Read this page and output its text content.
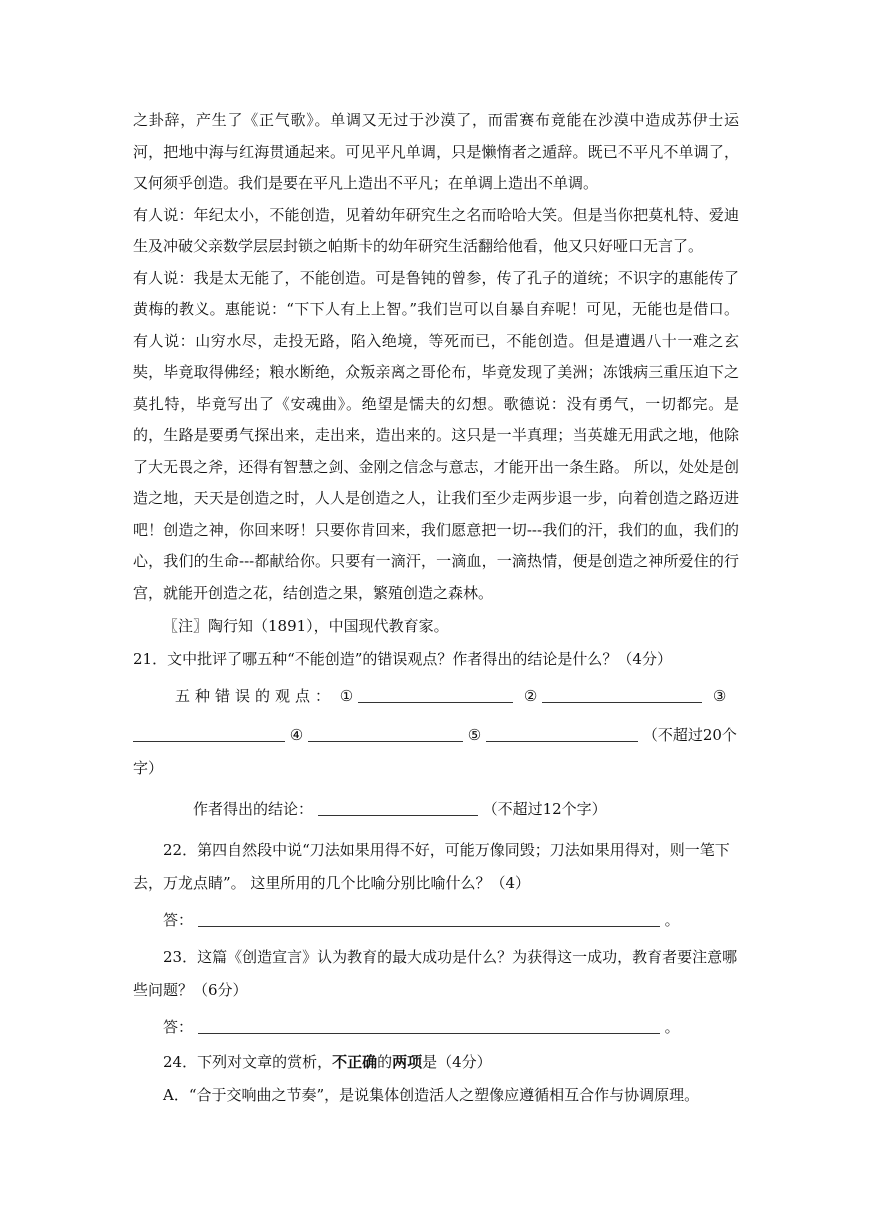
之卦辞，产生了《正气歌》。单调又无过于沙漠了，而雷赛布竟能在沙漠中造成苏伊士运河，把地中海与红海贯通起来。可见平凡单调，只是懒惰者之遁辞。既已不平凡不单调了，又何须乎创造。我们是要在平凡上造出不平凡；在单调上造出不单调。

有人说：年纪太小，不能创造，见着幼年研究生之名而哈哈大笑。但是当你把莫札特、爱迪生及冲破父亲数学层层封锁之帕斯卡的幼年研究生活翻给他看，他又只好哑口无言了。

有人说：我是太无能了，不能创造。可是鲁钝的曾参，传了孔子的道统；不识字的惠能传了黄梅的教义。惠能说：“下下人有上上智。”我们岂可以自暴自弃呢！可见，无能也是借口。有人说：山穷水尽，走投无路，陷入绝境，等死而已，不能创造。但是遭遇八十一难之玄奘，毕竟取得佛经；粮水断绝，众叛亲离之哥伦布，毕竟发现了美洲；冻饿病三重压迫下之莫扎特，毕竟写出了《安魂曲》。绝望是懦夫的幻想。歌德说：没有勇气，一切都完。是的，生路是要勇气探出来，走出来，造出来的。这只是一半真理；当英雄无用武之地，他除了大无畏之斧，还得有智慧之剑、金刚之信念与意志，才能开出一条生路。 所以，处处是创造之地，天天是创造之时，人人是创造之人，让我们至少走两步退一步，向着创造之路迈进吧！创造之神，你回来呀！只要你肯回来，我们愿意把一切---我们的汗，我们的血，我们的心，我们的生命---都献给你。只要有一滴汗，一滴血，一滴热情，便是创造之神所爱住的行宫，就能开创造之花，结创造之果，繁殖创造之森林。

〖注〗陶行知（1891），中国现代教育家。

21．文中批评了哪五种“不能创造”的错误观点？作者得出的结论是什么？（4分）

五种错误的观点： ①	②	③
④	⑤	（不超过20个
字）
作者得出的结论：	（不超过12个字）

22．第四自然段中说“刀法如果用得不好，可能万像同毁；刀法如果用得对，则一笔下去，万龙点睛”。 这里所用的几个比喻分别比喻什么？（4）

答：	。

23．这篇《创造宣言》认为教育的最大成功是什么？为获得这一成功，教育者要注意哪些问题？（6分）

答：	。

24．下列对文章的赏析，不正确的两项是（4分）

A．“合于交响曲之节奏”，是说集体创造活人之塑像应遵循相互合作与协调原理。
